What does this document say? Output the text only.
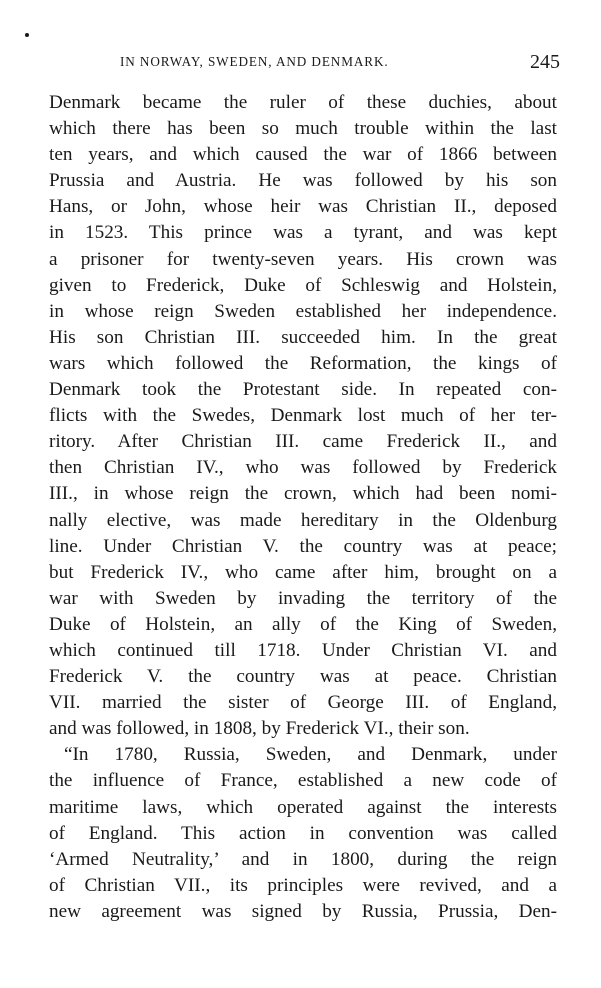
IN NORWAY, SWEDEN, AND DENMARK.	245
Denmark became the ruler of these duchies, about
which there has been so much trouble within the last
ten years, and which caused the war of 1866 between
Prussia and Austria. He was followed by his son
Hans, or John, whose heir was Christian II., deposed
in 1523. This prince was a tyrant, and was kept
a prisoner for twenty-seven years. His crown was
given to Frederick, Duke of Schleswig and Holstein,
in whose reign Sweden established her independence.
His son Christian III. succeeded him. In the great
wars which followed the Reformation, the kings of
Denmark took the Protestant side. In repeated con-
flicts with the Swedes, Denmark lost much of her ter-
ritory. After Christian III. came Frederick II., and
then Christian IV., who was followed by Frederick
III., in whose reign the crown, which had been nomi-
nally elective, was made hereditary in the Oldenburg
line. Under Christian V. the country was at peace;
but Frederick IV., who came after him, brought on a
war with Sweden by invading the territory of the
Duke of Holstein, an ally of the King of Sweden,
which continued till 1718. Under Christian VI. and
Frederick V. the country was at peace. Christian
VII. married the sister of George III. of England,
and was followed, in 1808, by Frederick VI., their son.
“In 1780, Russia, Sweden, and Denmark, under
the influence of France, established a new code of
maritime laws, which operated against the interests
of England. This action in convention was called
‘Armed Neutrality,’ and in 1800, during the reign
of Christian VII., its principles were revived, and a
new agreement was signed by Russia, Prussia, Den-
